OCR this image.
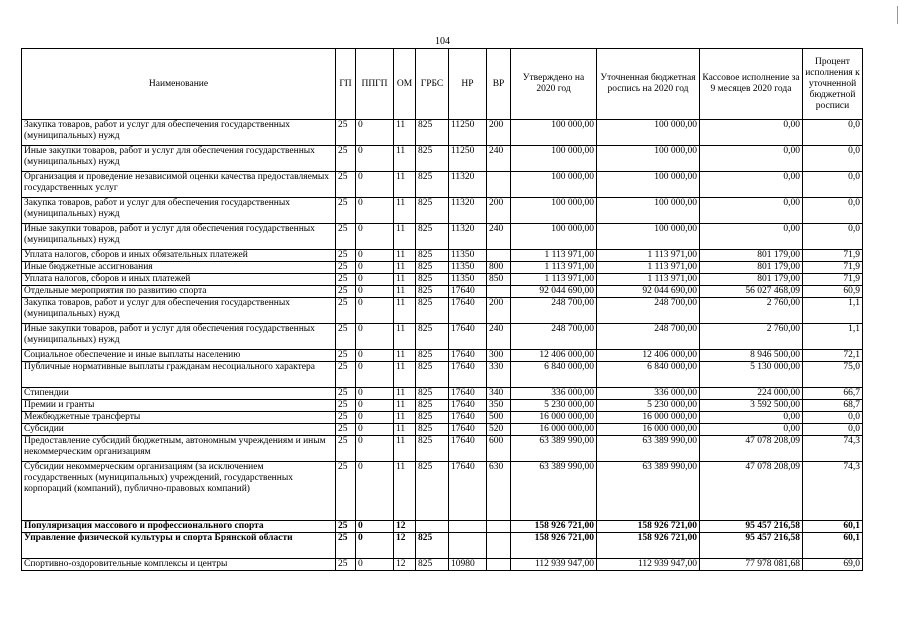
104
Наименование	ГП	ППГП	ОМ	ГРБС	НР	ВР	Утверждено на 2020 год	Уточненная бюджетная роспись на 2020 год	Кассовое исполнение за 9 месяцев 2020 года	Процент исполнения к уточненной бюджетной росписи
Закупка товаров, работ и услуг для обеспечения государственных (муниципальных) нужд	25	0	11	825	11250	200	100 000,00	100 000,00	0,00	0,0
Иные закупки товаров, работ и услуг для обеспечения государственных (муниципальных) нужд	25	0	11	825	11250	240	100 000,00	100 000,00	0,00	0,0
Организация и проведение независимой оценки качества предоставляемых государственных услуг	25	0	11	825	11320		100 000,00	100 000,00	0,00	0,0
Закупка товаров, работ и услуг для обеспечения государственных (муниципальных) нужд	25	0	11	825	11320	200	100 000,00	100 000,00	0,00	0,0
Иные закупки товаров, работ и услуг для обеспечения государственных (муниципальных) нужд	25	0	11	825	11320	240	100 000,00	100 000,00	0,00	0,0
Уплата налогов, сборов и иных обязательных платежей	25	0	11	825	11350		1 113 971,00	1 113 971,00	801 179,00	71,9
Иные бюджетные ассигнования	25	0	11	825	11350	800	1 113 971,00	1 113 971,00	801 179,00	71,9
Уплата налогов, сборов и иных платежей	25	0	11	825	11350	850	1 113 971,00	1 113 971,00	801 179,00	71,9
Отдельные мероприятия по развитию спорта	25	0	11	825	17640		92 044 690,00	92 044 690,00	56 027 468,09	60,9
Закупка товаров, работ и услуг для обеспечения государственных (муниципальных) нужд	25	0	11	825	17640	200	248 700,00	248 700,00	2 760,00	1,1
Иные закупки товаров, работ и услуг для обеспечения государственных (муниципальных) нужд	25	0	11	825	17640	240	248 700,00	248 700,00	2 760,00	1,1
Социальное обеспечение и иные выплаты населению	25	0	11	825	17640	300	12 406 000,00	12 406 000,00	8 946 500,00	72,1
Публичные нормативные выплаты гражданам несоциального характера	25	0	11	825	17640	330	6 840 000,00	6 840 000,00	5 130 000,00	75,0
Стипендии	25	0	11	825	17640	340	336 000,00	336 000,00	224 000,00	66,7
Премии и гранты	25	0	11	825	17640	350	5 230 000,00	5 230 000,00	3 592 500,00	68,7
Межбюджетные трансферты	25	0	11	825	17640	500	16 000 000,00	16 000 000,00	0,00	0,0
Субсидии	25	0	11	825	17640	520	16 000 000,00	16 000 000,00	0,00	0,0
Предоставление субсидий бюджетным, автономным учреждениям и иным некоммерческим организациям	25	0	11	825	17640	600	63 389 990,00	63 389 990,00	47 078 208,09	74,3
Субсидии некоммерческим организациям (за исключением государственных (муниципальных) учреждений, государственных корпораций (компаний), публично-правовых компаний)	25	0	11	825	17640	630	63 389 990,00	63 389 990,00	47 078 208,09	74,3
Популяризация массового и профессионального спорта	25	0	12				158 926 721,00	158 926 721,00	95 457 216,58	60,1
Управление физической культуры и спорта Брянской области	25	0	12	825			158 926 721,00	158 926 721,00	95 457 216,58	60,1
Спортивно-оздоровительные комплексы и центры	25	0	12	825	10980		112 939 947,00	112 939 947,00	77 978 081,68	69,0
